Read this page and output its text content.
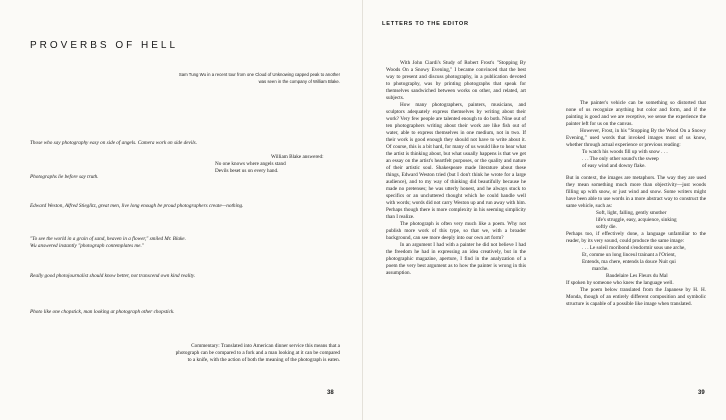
PROVERBS OF HELL
Sam Tung Wu in a recent tour from one Cloud of Unknowing capped peak to another
was seen in the company of William Blake.
Those who say photography easy on side of angels. Camera work on side devils.
William Blake answered:
No one knows where angels stand
Devils beset us on every hand.
Photographs lie before say truth.
Edward Weston, Alfred Stieglitz, great men, live long enough be proud photographers create—nothing.
"To see the world in a grain of sand, heaven in a flower," smiled Mr. Blake.
Wu answered instantly "photograph contemplates me."
Really good photojournalist should know better, not transcend own kind reality.
Photo like one chopstick, man looking at photograph other chopstick.
Commentary: Translated into American dinner service this means that a
photograph can be compared to a fork and a man looking at it can be compared
to a knife, with the action of both the meaning of the photograph is eaten.
38
LETTERS TO THE EDITOR

With John Ciardi's Study of Robert Frost's "Stopping By Woods On a Snowy Evening," I became convinced that the best way to present and discuss photography, in a publication devoted to photography, was by printing photographs that speak for themselves sandwiched between works on other, and related, art subjects.

How many photographers, painters, musicians, and sculptors adequately express themselves by writing about their work? Very few people are talented enough to do both. Nine out of ten photographers writing about their work are like fish out of water, able to express themselves in one medium, not in two. If their work is good enough they should not have to write about it. Of course, this is a bit hard, for many of us would like to hear what the artist is thinking about, but what usually happens is that we get an essay on the artist's heartfelt purposes, or the quality and nature of their artistic soul. Shakespeare made literature about these things, Edward Weston tried (but I don't think he wrote for a large audience), and to my way of thinking did beautifully because he made no pretenses; he was utterly honest, and he always stuck to specifics or an uncluttered thought which he could handle well with words; words did not carry Weston up and run away with him. Perhaps though there is more complexity in his seeming simplicity than I realize.

The photograph is often very much like a poem. Why not publish more work of this type, so that we, with a broader background, can see more deeply into our own art form?

In an argument I had with a painter he did not believe I had the freedom he had in expressing an idea creatively, but in the photographic magazine, aperture, I find in the analyzation of a poem the very best argument as to how the painter is wrong in this assumption.

The painter's vehicle can be something so distorted that none of us recognize anything but color and form, and if the painting is good and we are receptive, we sense the experience the painter left for us on the canvas.

However, Frost, in his "Stopping By the Wood On a Snowy Evening," used words that invoked images most of us know, whether through actual experience or previous reading:

To watch his woods fill up with snow . . .
. . . The only other sound's the sweep
of easy wind and downy flake.

But in context, the images are metaphors. The way they are used they mean something much more than objectivity—just woods filling up with snow, or just wind and snow. Some writers might have been able to use words in a more abstract way to construct the same vehicle, such as:

Soft, light, falling, gently smother
life's struggle, easy, acquience, sinking
softly die.

Perhaps too, if effectively done, a language unfamiliar to the reader, by its very sound, could produce the same image:

. . . Le soleil moribond s'endormir sous une arche,
Et, comme un long linceul trainant a l'Orient,
Entends, ma chere, entends la douce Nuit qui
marche.
Baudelaire Les Fleurs du Mal

If spoken by someone who knew the language well.

The poem below translated from the Japanese by H. H. Monda, though of an entirely different composition and symbolic structure is capable of a possible like image when translated.

39
